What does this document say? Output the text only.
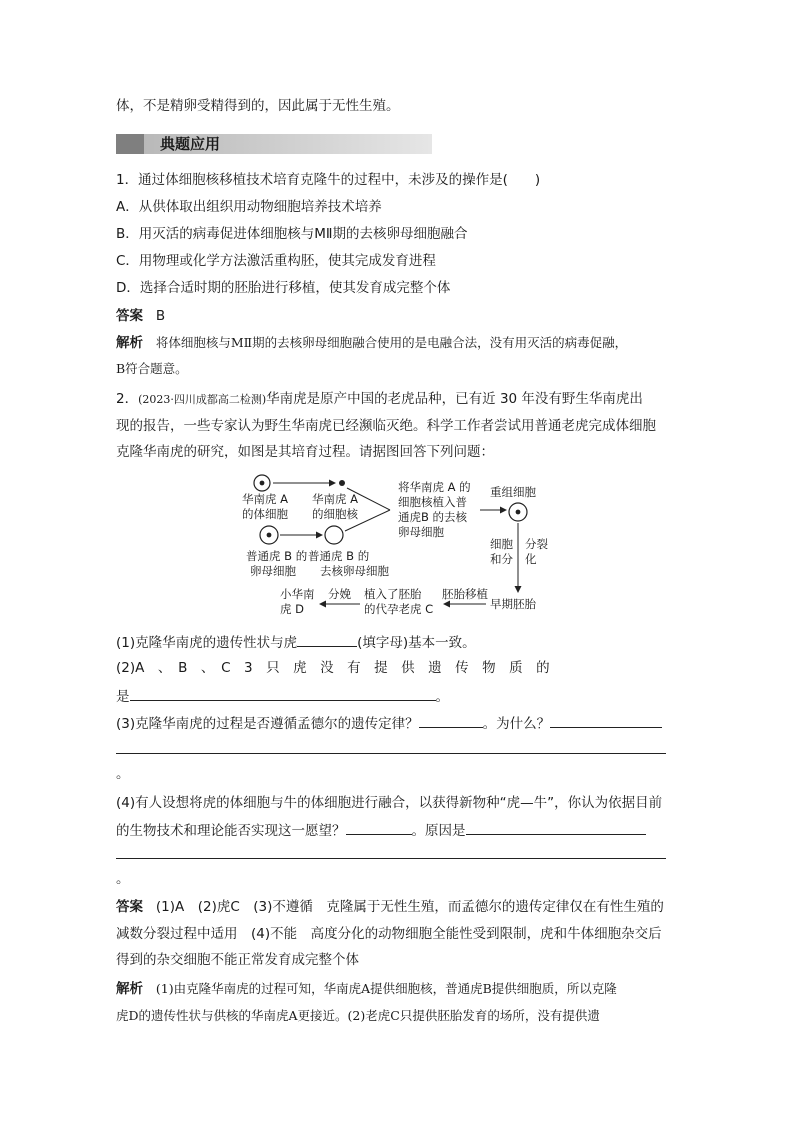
体，不是精卵受精得到的，因此属于无性生殖。
典题应用
1．通过体细胞核移植技术培育克隆牛的过程中，未涉及的操作是(　　)
A．从供体取出组织用动物细胞培养技术培养
B．用灭活的病毒促进体细胞核与MⅡ期的去核卵母细胞融合
C．用物理或化学方法激活重构胚，使其完成发育进程
D．选择合适时期的胚胎进行移植，使其发育成完整个体
答案 B
解析 将体细胞核与MⅡ期的去核卵母细胞融合使用的是电融合法，没有用灭活的病毒促融，
B符合题意。
2．(2023·四川成都高二检测)华南虎是原产中国的老虎品种，已有近 30 年没有野生华南虎出
现的报告，一些专家认为野生华南虎已经濒临灭绝。科学工作者尝试用普通老虎完成体细胞
克隆华南虎的研究，如图是其培育过程。请据图回答下列问题：
华南虎 A
的体细胞
华南虎 A
的细胞核
普通虎 B 的
卵母细胞
普通虎 B 的
去核卵母细胞
将华南虎 A 的
细胞核植入普
通虎B 的去核
卵母细胞
重组细胞
细胞
和分
分裂
化
早期胚胎
胚胎移植
植入了胚胎
的代孕老虎 C
分娩
小华南
虎 D
(1)克隆华南虎的遗传性状与虎	(填字母)基本一致。
(2)A　、　B　、　C　3　只　虎　没　有　提　供　遗　传　物　质　的
是	。
(3)克隆华南虎的过程是否遵循孟德尔的遗传定律？	。为什么？
。
(4)有人设想将虎的体细胞与牛的体细胞进行融合，以获得新物种“虎—牛”，你认为依据目前
的生物技术和理论能否实现这一愿望？	。原因是
。
答案 (1)A　(2)虎C　(3)不遵循　克隆属于无性生殖，而孟德尔的遗传定律仅在有性生殖的
减数分裂过程中适用　(4)不能　高度分化的动物细胞全能性受到限制，虎和牛体细胞杂交后
得到的杂交细胞不能正常发育成完整个体
解析 (1)由克隆华南虎的过程可知，华南虎A提供细胞核，普通虎B提供细胞质，所以克隆
虎D的遗传性状与供核的华南虎A更接近。(2)老虎C只提供胚胎发育的场所，没有提供遗
